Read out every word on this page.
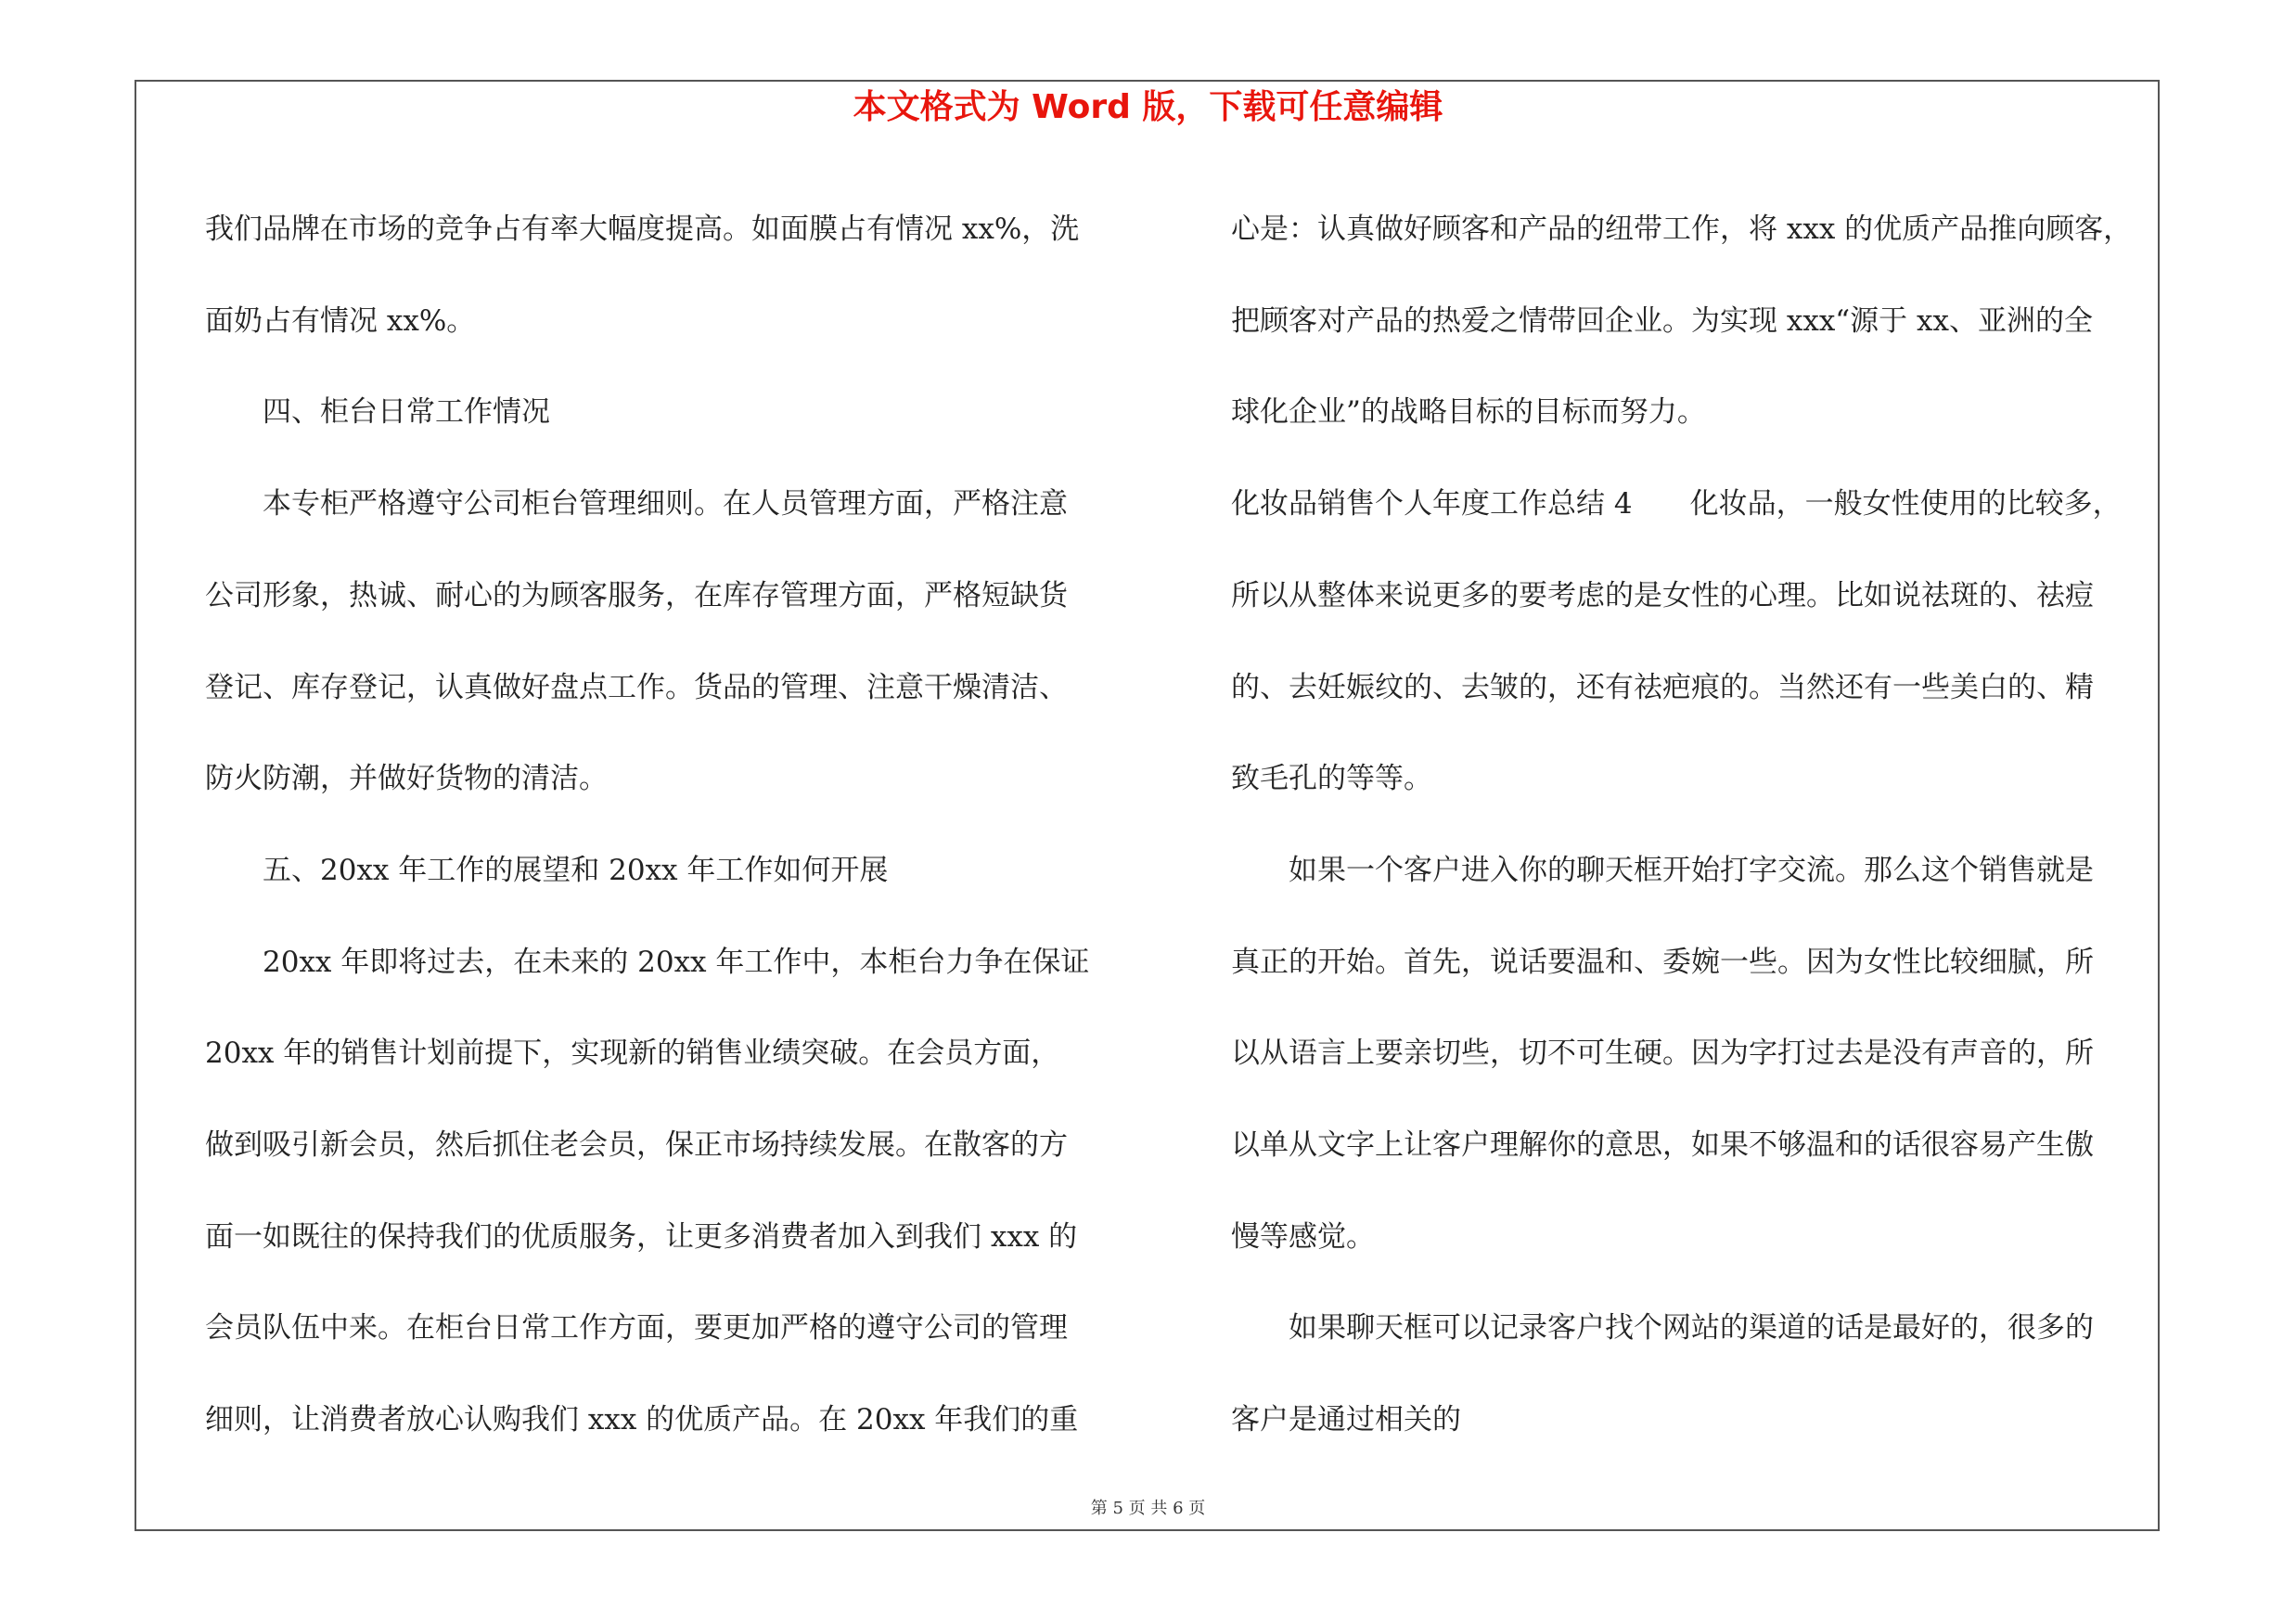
本文格式为 Word 版，下载可任意编辑

我们品牌在市场的竞争占有率大幅度提高。如面膜占有情况 xx%，洗

面奶占有情况 xx%。

　　四、柜台日常工作情况

　　本专柜严格遵守公司柜台管理细则。在人员管理方面，严格注意

公司形象，热诚、耐心的为顾客服务，在库存管理方面，严格短缺货

登记、库存登记，认真做好盘点工作。货品的管理、注意干燥清洁、

防火防潮，并做好货物的清洁。

　　五、20xx 年工作的展望和 20xx 年工作如何开展

　　20xx 年即将过去，在未来的 20xx 年工作中，本柜台力争在保证

20xx 年的销售计划前提下，实现新的销售业绩突破。在会员方面，

做到吸引新会员，然后抓住老会员，保正市场持续发展。在散客的方

面一如既往的保持我们的优质服务，让更多消费者加入到我们 xxx 的

会员队伍中来。在柜台日常工作方面，要更加严格的遵守公司的管理

细则，让消费者放心认购我们 xxx 的优质产品。在 20xx 年我们的重

心是：认真做好顾客和产品的纽带工作，将 xxx 的优质产品推向顾客，

把顾客对产品的热爱之情带回企业。为实现 xxx“源于 xx、亚洲的全

球化企业”的战略目标的目标而努力。

化妆品销售个人年度工作总结 4　　化妆品，一般女性使用的比较多，

所以从整体来说更多的要考虑的是女性的心理。比如说祛斑的、祛痘

的、去妊娠纹的、去皱的，还有祛疤痕的。当然还有一些美白的、精

致毛孔的等等。

　　如果一个客户进入你的聊天框开始打字交流。那么这个销售就是

真正的开始。首先，说话要温和、委婉一些。因为女性比较细腻，所

以从语言上要亲切些，切不可生硬。因为字打过去是没有声音的，所

以单从文字上让客户理解你的意思，如果不够温和的话很容易产生傲

慢等感觉。

　　如果聊天框可以记录客户找个网站的渠道的话是最好的，很多的

客户是通过相关的

第 5 页 共 6 页
